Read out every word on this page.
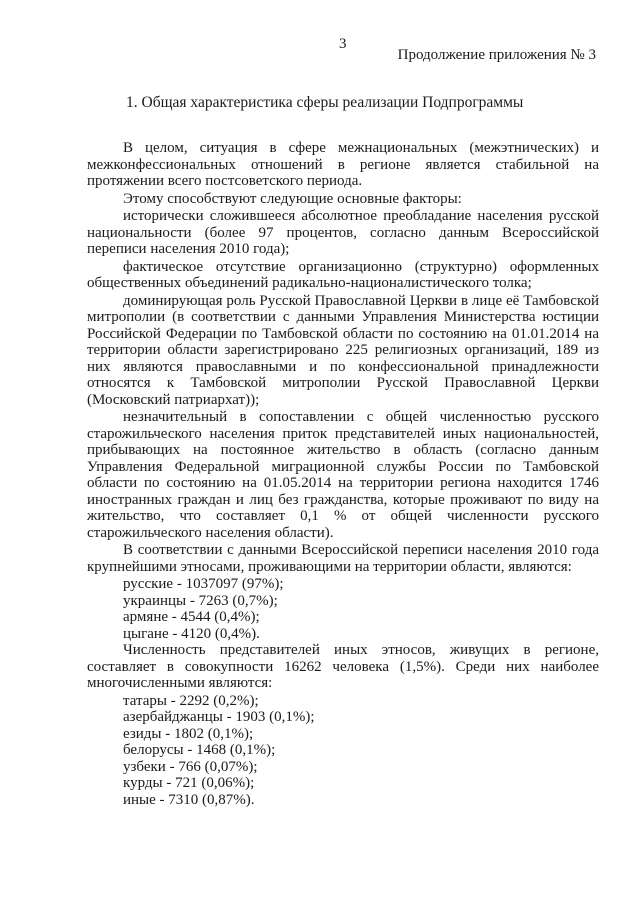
3
Продолжение приложения № 3
1. Общая характеристика сферы реализации Подпрограммы

В целом, ситуация в сфере межнациональных (межэтнических) и межконфессиональных отношений в регионе является стабильной на протяжении всего постсоветского периода.

Этому способствуют следующие основные факторы:

исторически сложившееся абсолютное преобладание населения русской национальности (более 97 процентов, согласно данным Всероссийской переписи населения 2010 года);

фактическое отсутствие организационно (структурно) оформленных общественных объединений радикально-националистического толка;

доминирующая роль Русской Православной Церкви в лице её Тамбовской митрополии (в соответствии с данными Управления Министерства юстиции Российской Федерации по Тамбовской области по состоянию на 01.01.2014 на территории области зарегистрировано 225 религиозных организаций, 189 из них являются православными и по конфессиональной принадлежности относятся к Тамбовской митрополии Русской Православной Церкви (Московский патриархат));

незначительный в сопоставлении с общей численностью русского старожильческого населения приток представителей иных национальностей, прибывающих на постоянное жительство в область (согласно данным Управления Федеральной миграционной службы России по Тамбовской области по состоянию на 01.05.2014 на территории региона находится 1746 иностранных граждан и лиц без гражданства, которые проживают по виду на жительство, что составляет 0,1 % от общей численности русского старожильческого населения области).

В соответствии с данными Всероссийской переписи населения 2010 года крупнейшими этносами, проживающими на территории области, являются:

русские - 1037097 (97%);
украинцы - 7263 (0,7%);
армяне - 4544 (0,4%);
цыгане - 4120 (0,4%).

Численность представителей иных этносов, живущих в регионе, составляет в совокупности 16262 человека (1,5%). Среди них наиболее многочисленными являются:

татары - 2292 (0,2%);
азербайджанцы - 1903 (0,1%);
езиды - 1802 (0,1%);
белорусы - 1468 (0,1%);
узбеки - 766 (0,07%);
курды - 721 (0,06%);
иные - 7310 (0,87%).
